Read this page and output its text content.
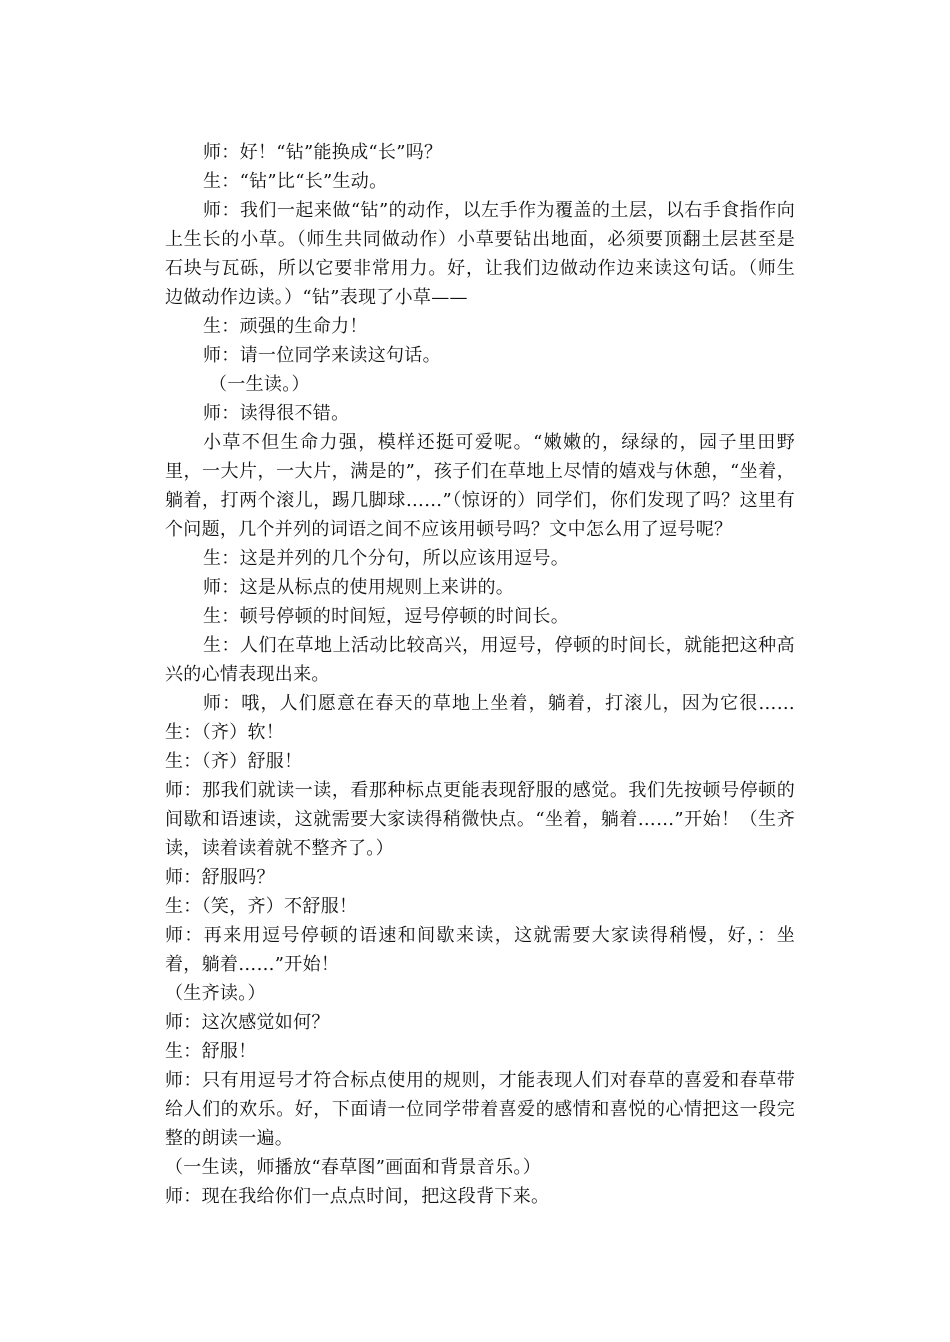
师：好！“钻”能换成“长”吗？

生：“钻”比“长”生动。

师：我们一起来做“钻”的动作，以左手作为覆盖的土层，以右手食指作向上生长的小草。（师生共同做动作）小草要钻出地面，必须要顶翻土层甚至是石块与瓦砾，所以它要非常用力。好，让我们边做动作边来读这句话。（师生边做动作边读。）“钻”表现了小草——

生：顽强的生命力！

师：请一位同学来读这句话。

（一生读。）

师：读得很不错。

小草不但生命力强，模样还挺可爱呢。“嫩嫩的，绿绿的，园子里田野里，一大片，一大片，满是的”，孩子们在草地上尽情的嬉戏与休憩，“坐着，躺着，打两个滚儿，踢几脚球……”（惊讶的）同学们，你们发现了吗？这里有个问题，几个并列的词语之间不应该用顿号吗？文中怎么用了逗号呢？

生：这是并列的几个分句，所以应该用逗号。

师：这是从标点的使用规则上来讲的。

生：顿号停顿的时间短，逗号停顿的时间长。

生：人们在草地上活动比较高兴，用逗号，停顿的时间长，就能把这种高兴的心情表现出来。

师：哦，人们愿意在春天的草地上坐着，躺着，打滚儿，因为它很……生：（齐）软！

生：（齐）舒服！

师：那我们就读一读，看那种标点更能表现舒服的感觉。我们先按顿号停顿的间歇和语速读，这就需要大家读得稍微快点。“坐着，躺着……”开始！（生齐读，读着读着就不整齐了。）

师：舒服吗？

生：（笑，齐）不舒服！

师：再来用逗号停顿的语速和间歇来读，这就需要大家读得稍慢，好，：坐着，躺着……”开始！

（生齐读。）

师：这次感觉如何？

生：舒服！

师：只有用逗号才符合标点使用的规则，才能表现人们对春草的喜爱和春草带给人们的欢乐。好，下面请一位同学带着喜爱的感情和喜悦的心情把这一段完整的朗读一遍。

（一生读，师播放“春草图”画面和背景音乐。）

师：现在我给你们一点点时间，把这段背下来。
